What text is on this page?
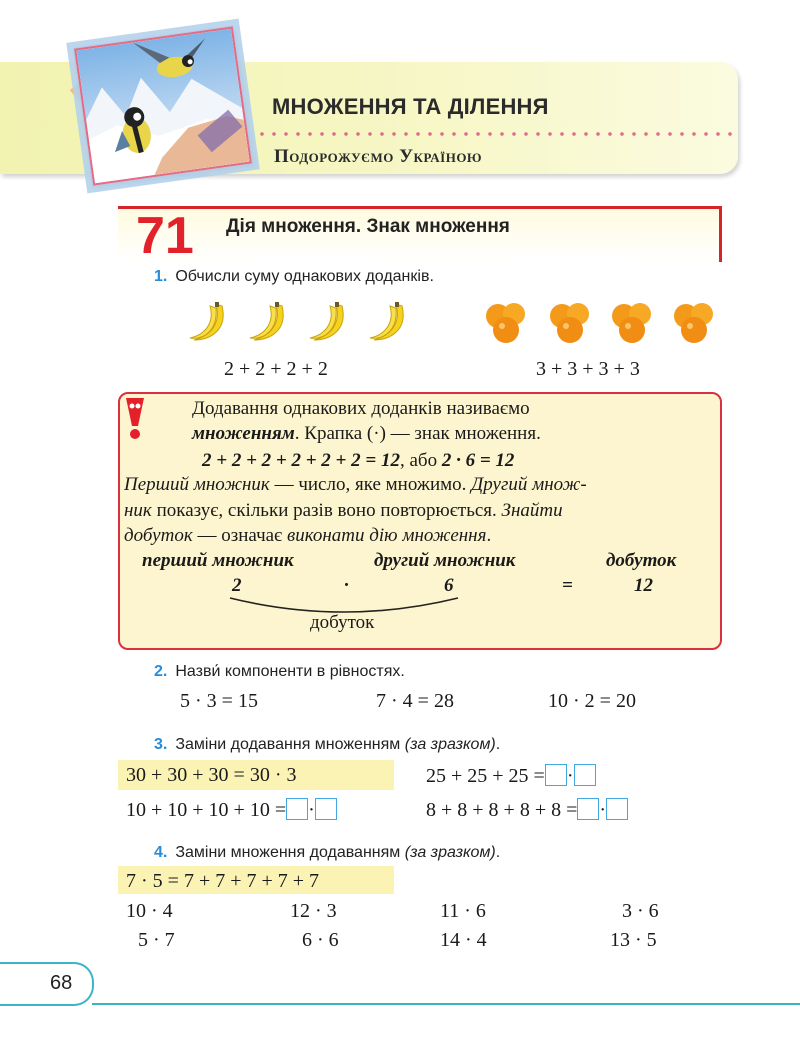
МНОЖЕННЯ ТА ДІЛЕННЯ
Подорожуємо Україною
71 Дія множення. Знак множення
1. Обчисли суму однакових доданків.
2 + 2 + 2 + 2	3 + 3 + 3 + 3
Додавання однакових доданків називаємо
множенням. Крапка (·) — знак множення.
2 + 2 + 2 + 2 + 2 + 2 = 12, або 2 · 6 = 12
Перший множник — число, яке множимо. Другий множ-
ник показує, скільки разів воно повторюється. Знайти
добуток — означає виконати дію множення.
перший множник	другий множник	добуток
2	·	6	=	12
добуток
2. Назви́ компоненти в рівностях.
5 · 3 = 15	7 · 4 = 28	10 · 2 = 20
3. Заміни додавання множенням (за зразком).
30 + 30 + 30 = 30 · 3	25 + 25 + 25 = ·
10 + 10 + 10 + 10 = ·	8 + 8 + 8 + 8 + 8 = ·
4. Заміни множення додаванням (за зразком).
7 · 5 = 7 + 7 + 7 + 7 + 7
10 · 4	12 · 3	11 · 6	3 · 6
5 · 7	6 · 6	14 · 4	13 · 5
68
